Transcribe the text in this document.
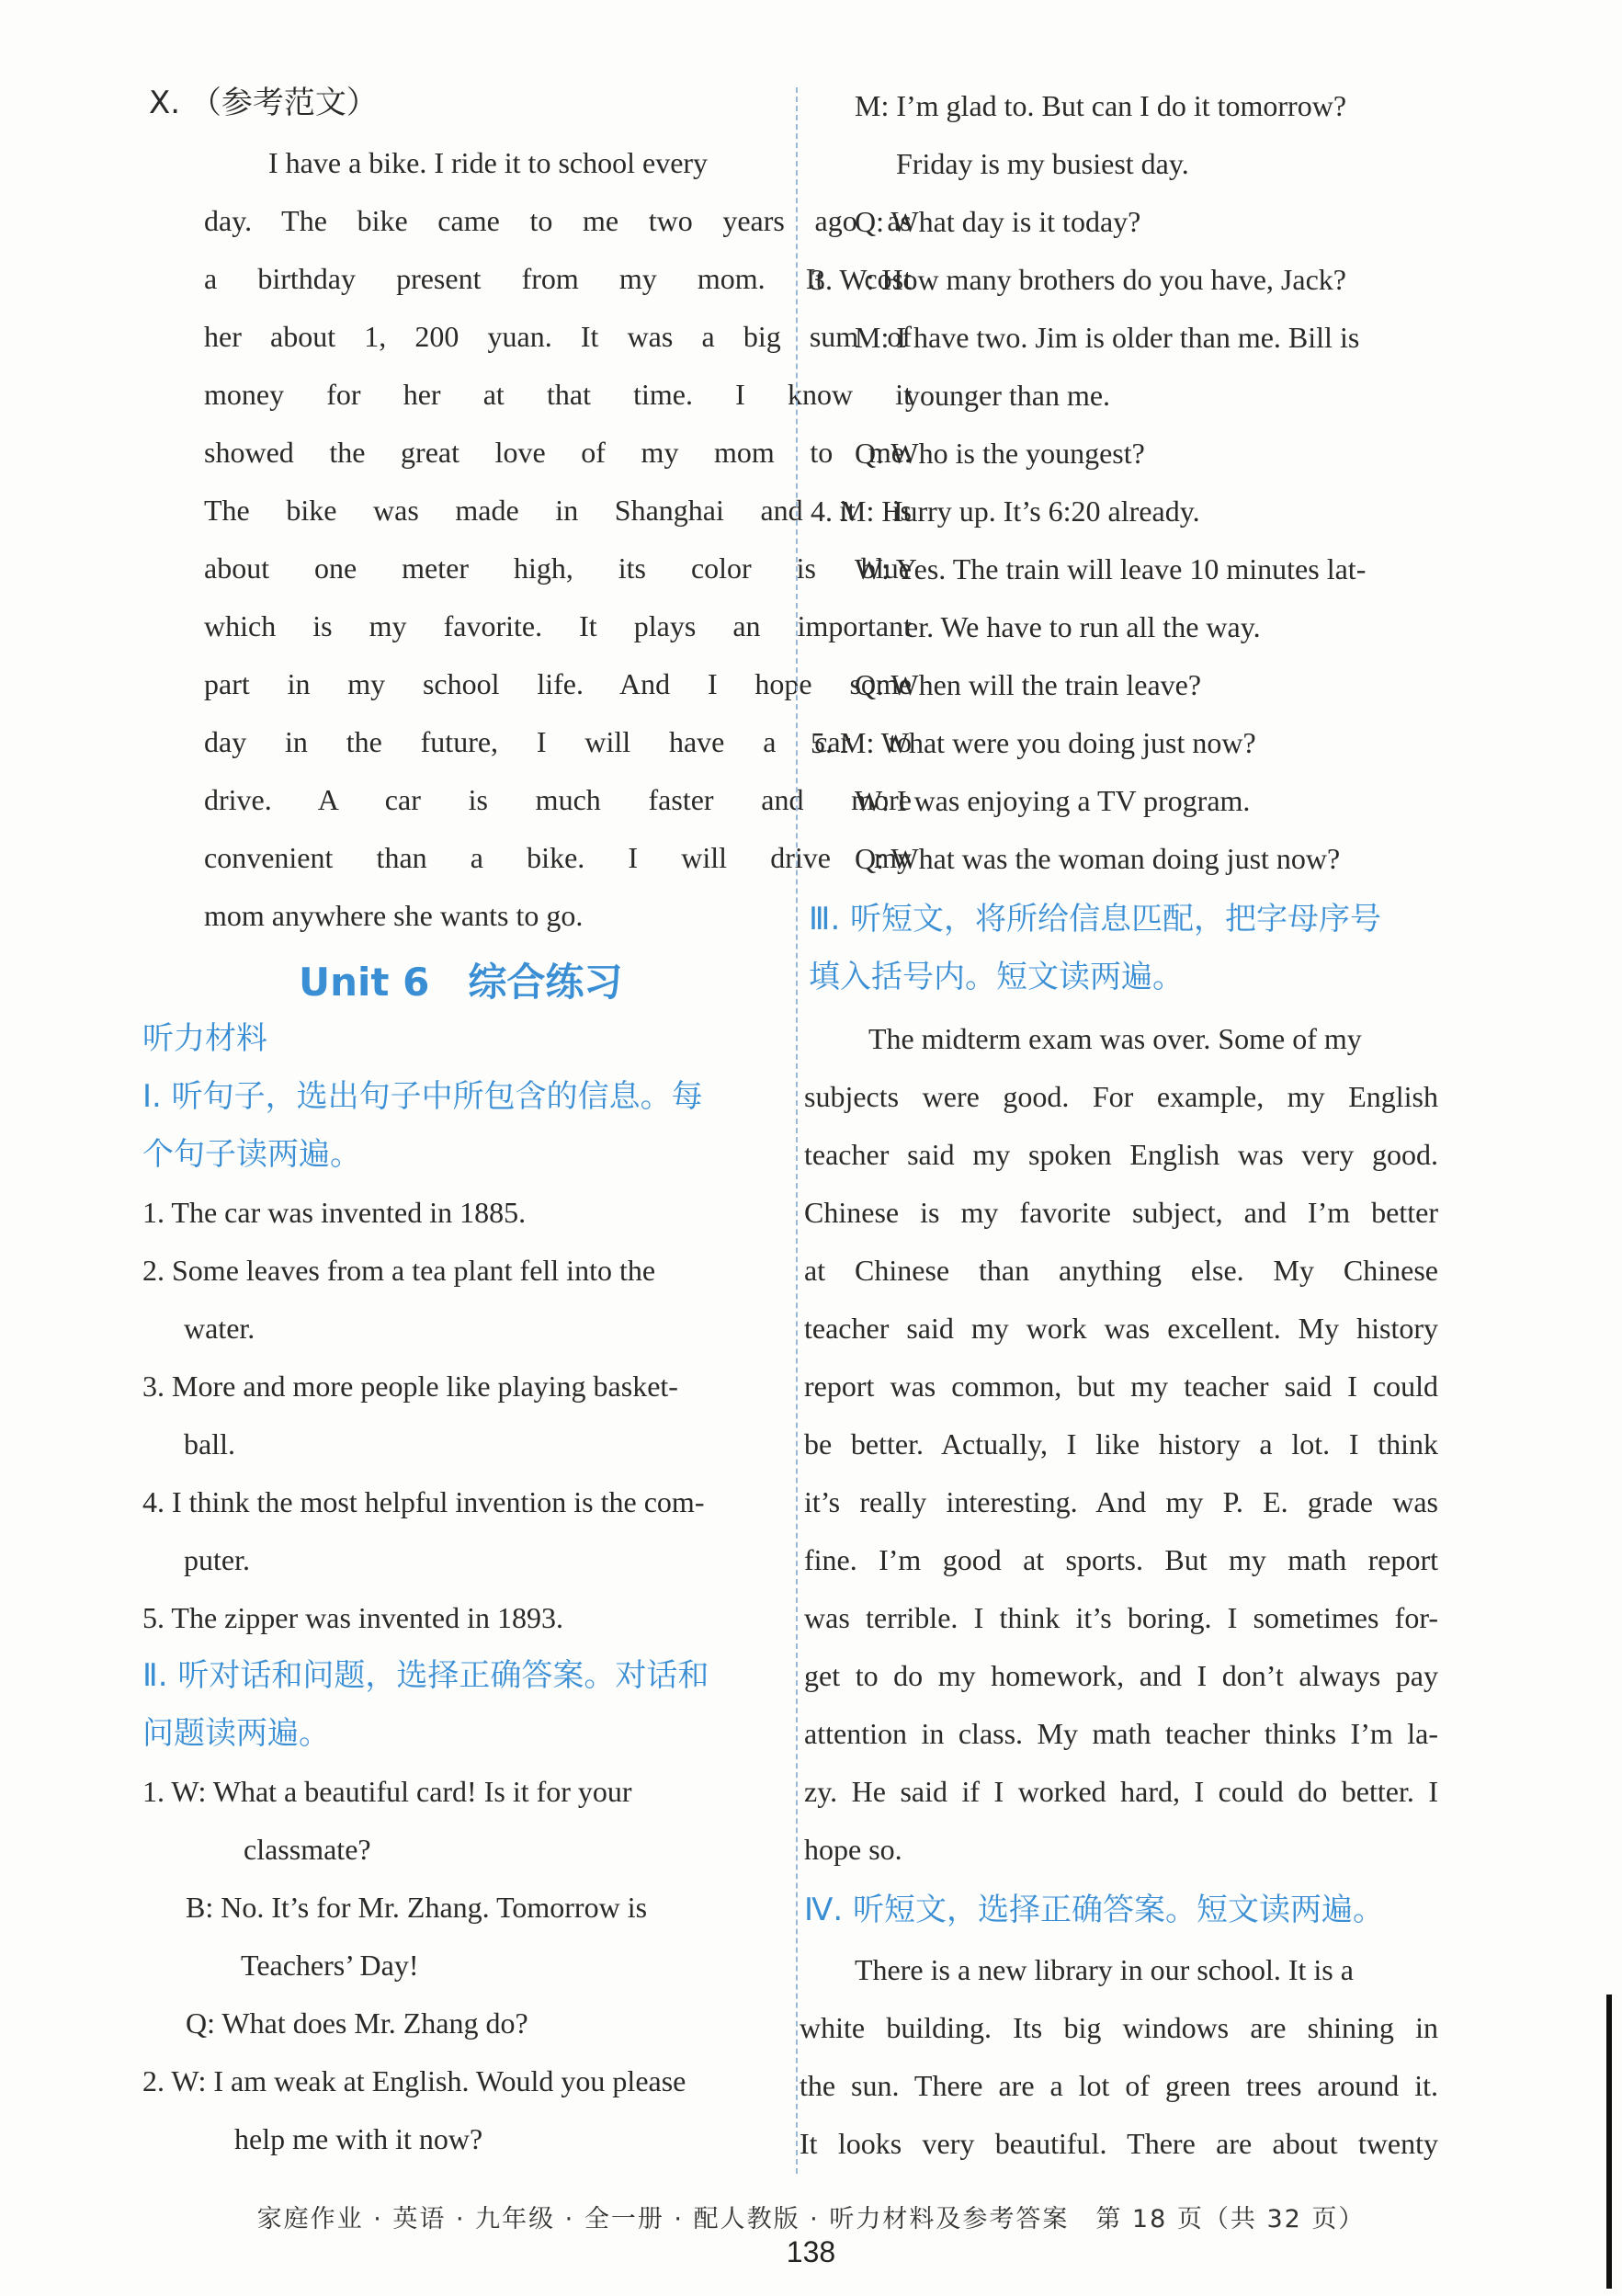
X. （参考范文）
I have a bike. I ride it to school every
day. The bike came to me two years ago as
a birthday present from my mom. It cost
her about 1, 200 yuan. It was a big sum of
money for her at that time. I know it
showed the great love of my mom to me.
The bike was made in Shanghai and it is
about one meter high, its color is blue
which is my favorite. It plays an important
part in my school life. And I hope some
day in the future, I will have a car to
drive. A car is much faster and more
convenient than a bike. I will drive my
mom anywhere she wants to go.
Unit 6　综合练习
听力材料
Ⅰ. 听句子，选出句子中所包含的信息。每
个句子读两遍。
1. The car was invented in 1885.
2. Some leaves from a tea plant fell into the
water.
3. More and more people like playing basket-
ball.
4. I think the most helpful invention is the com-
puter.
5. The zipper was invented in 1893.
Ⅱ. 听对话和问题，选择正确答案。对话和
问题读两遍。
1. W: What a beautiful card! Is it for your
classmate?
B: No. It’s for Mr. Zhang. Tomorrow is
Teachers’ Day!
Q: What does Mr. Zhang do?
2. W: I am weak at English. Would you please
help me with it now?
M: I’m glad to. But can I do it tomorrow?
Friday is my busiest day.
Q: What day is it today?
3. W: How many brothers do you have, Jack?
M: I have two. Jim is older than me. Bill is
younger than me.
Q: Who is the youngest?
4. M: Hurry up. It’s 6:20 already.
W: Yes. The train will leave 10 minutes lat-
er. We have to run all the way.
Q: When will the train leave?
5. M: What were you doing just now?
W: I was enjoying a TV program.
Q: What was the woman doing just now?
Ⅲ. 听短文，将所给信息匹配，把字母序号
填入括号内。短文读两遍。
The midterm exam was over. Some of my
subjects were good. For example, my English
teacher said my spoken English was very good.
Chinese is my favorite subject, and I’m better
at Chinese than anything else. My Chinese
teacher said my work was excellent. My history
report was common, but my teacher said I could
be better. Actually, I like history a lot. I think
it’s really interesting. And my P. E. grade was
fine. I’m good at sports. But my math report
was terrible. I think it’s boring. I sometimes for-
get to do my homework, and I don’t always pay
attention in class. My math teacher thinks I’m la-
zy. He said if I worked hard, I could do better. I
hope so.
Ⅳ. 听短文，选择正确答案。短文读两遍。
There is a new library in our school. It is a
white building. Its big windows are shining in
the sun. There are a lot of green trees around it.
It looks very beautiful. There are about twenty
家庭作业 · 英语 · 九年级 · 全一册 · 配人教版 · 听力材料及参考答案　第 18 页（共 32 页）
138
